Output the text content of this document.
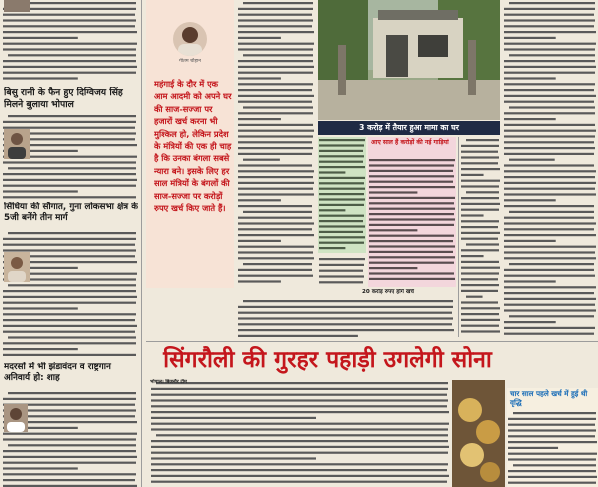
बिसु रानी के फैन हुए दिग्विजय सिंह मिलने बुलाया भोपाल
सिंधिया की सौगात, गुना लोकसभा क्षेत्र के 5जी बनेंगे तीन मार्ग
मदरसों में भी झंडावंदन व राष्ट्रगान अनिवार्य हो: शाह
गीतम चौहान
महंगाई के दौर में एक आम आदमी को अपने घर की साज-सज्जा पर हजारों खर्च करना भी मुश्किल हो, लेकिन प्रदेश के मंत्रियों की एक ही चाह है कि उनका बंगला सबसे न्यारा बने। इसके लिए हर साल मंत्रियों के बंगलों की साज-सज्जा पर करोड़ों रुपए खर्च किए जाते हैं।
3 करोड़ में तैयार हुआ मामा का घर
आए साल हैं करोड़ों की नई गाड़ियां
20 करोड़ रुपए होंगे खर्च
सिंगरौली की गुरहर पहाड़ी उगलेगी सोना
भोपाल। बिजनौर टीम
चार साल पहले खर्च में हुई थी वृद्धि
